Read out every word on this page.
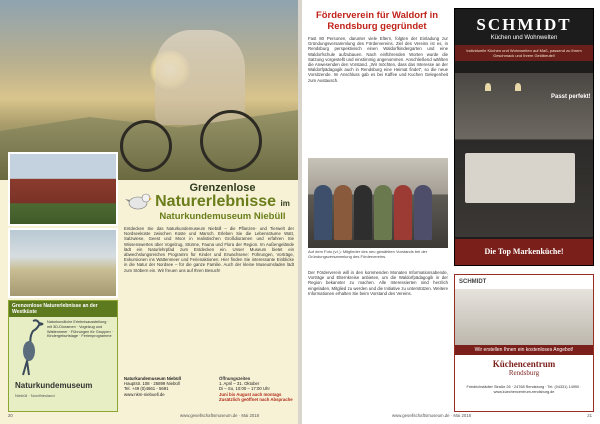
Grenzenlose
Naturerlebnisse im
Naturkundemuseum Niebüll
Entdecken Sie das Naturkundemuseum Niebüll – die Pflanzen- und Tierwelt der Nordseeküste zwischen Küste und Marsch. Erleben Sie die Lebensräume Watt, Salzwiese, Geest und Moor in realistischen Großdioramen und erfahren Sie Wissenswertes über Vogelzug, Stürme, Fauna und Flora der Region. Im Außengelände lädt ein Naturlehrpfad zum Entdecken ein. Unser Museum bietet ein abwechslungsreiches Programm für Kinder und Erwachsene: Führungen, Vorträge, Exkursionen ins Wattenmeer und Ferienaktionen. Hier finden Sie interessante Einblicke in die Natur der Nordsee – für die ganze Familie. Auch der kleine Museumsladen lädt zum Stöbern ein. Wir freuen uns auf Ihren Besuch!
Grenzenlose Naturerlebnisse an der Westküste
Naturkundliche Erlebnisausstellung · mit 3D-Dioramen · Vogelzug und Wattenmeer · Führungen für Gruppen · Kindergeburtstage · Ferienprogramme
Naturkundemuseum
Niebüll · Nordfriesland
Naturkundemuseum Niebüll
Hauptstr. 108 · 25899 Niebüll
Tel. +49 (0)4661 - 5691
www.nkm-niebuell.de
Öffnungszeiten
1. April – 31. Oktober
Di – So, 10:00 – 17:00 Uhr
Juni bis August auch montags
Zusätzlich geöffnet nach Absprache
20	www.gesellschaftsmuseum.de · Mai 2018
Förderverein für Waldorf in
Rendsburg gegründet
Fast 80 Personen, darunter viele Eltern, folgten der Einladung zur Gründungsversammlung des Fördervereins. Ziel des Vereins ist es, in Rendsburg perspektivisch einen Waldorfkindergarten und eine Waldorfschule aufzubauen. Nach einführenden Worten wurde die Satzung vorgestellt und einstimmig angenommen. Anschließend wählten die Anwesenden den Vorstand. „Wir möchten, dass das Interesse an der Waldorfpädagogik auch in Rendsburg eine Heimat findet“, so die neue Vorsitzende. Im Anschluss gab es bei Kaffee und Kuchen Gelegenheit zum Austausch.
Auf dem Foto (v.l.): Mitglieder des neu gewählten Vorstands bei der Gründungsversammlung des Fördervereins.
Der Förderverein will in den kommenden Monaten Informationsabende, Vorträge und Elternkreise anbieten, um die Waldorfpädagogik in der Region bekannter zu machen. Alle Interessierten sind herzlich eingeladen, Mitglied zu werden und die Initiative zu unterstützen. Weitere Informationen erhalten Sie beim Vorstand des Vereins.
SCHMIDT
Küchen und Wohnwelten
Individuelle Küchen und Wohnwelten auf Maß, passend zu Ihrem Geschmack und Ihrem Geldbeutel!
Passt perfekt!
Die Top Markenküche!
SCHMIDT
Wir erstellen Ihnen ein kostenloses Angebot!
Küchencentrum
Rendsburg
Friedrichstädter Straße 26 · 24768 Rendsburg · Tel. (04331) 14990 · www.kuechencentrum-rendsburg.de
www.gesellschaftsmuseum.de · Mai 2018	21
